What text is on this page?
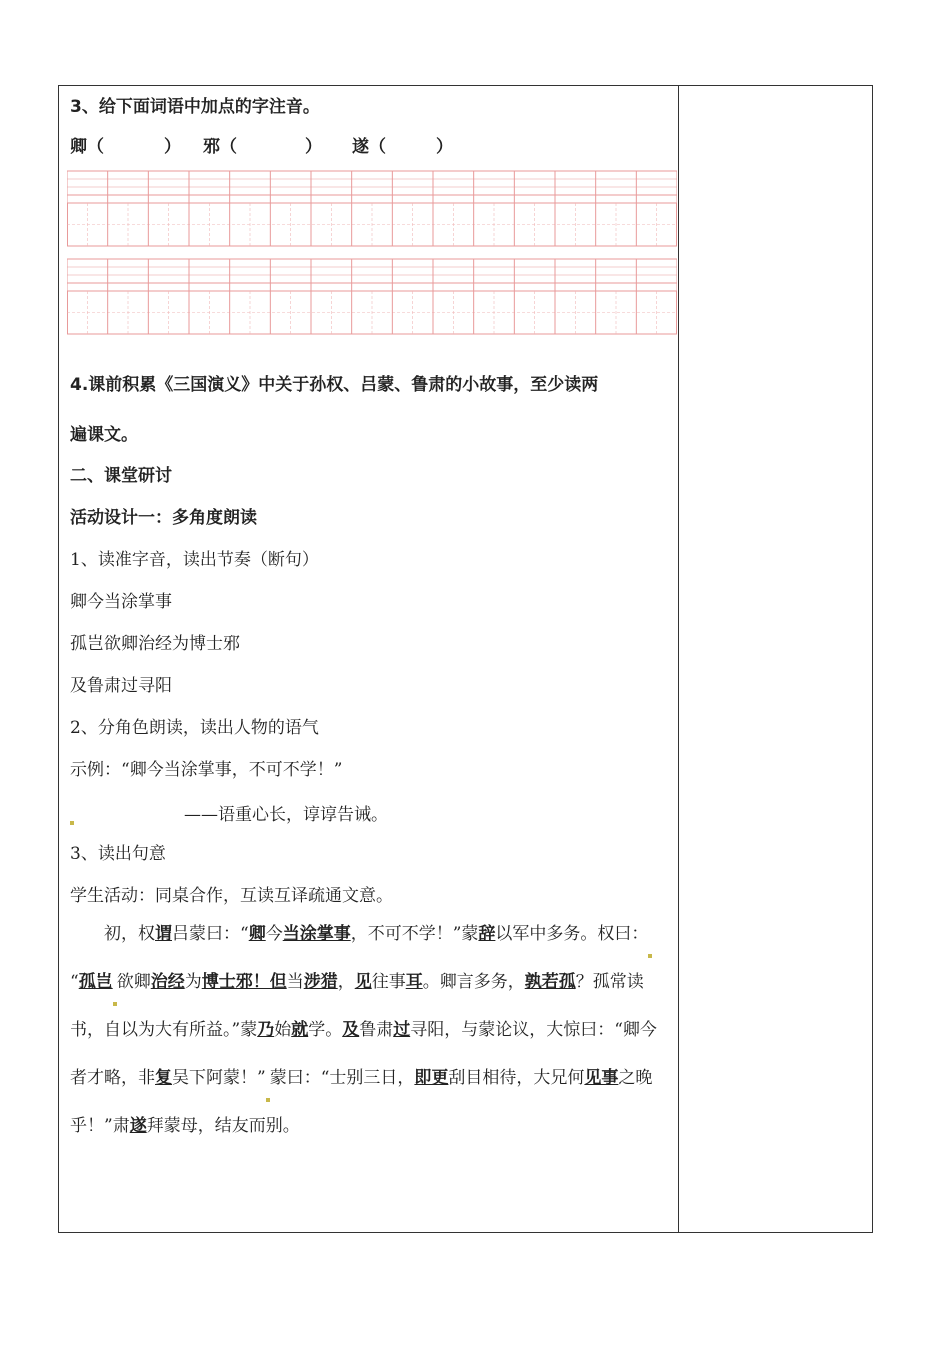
3、给下面词语中加点的字注音。
卿（	） 邪（	） 遂（	）
4.课前积累《三国演义》中关于孙权、吕蒙、鲁肃的小故事，至少读两
遍课文。
二、课堂研讨
活动设计一：多角度朗读
1、读准字音，读出节奏（断句）
卿今当涂掌事
孤岂欲卿治经为博士邪
及鲁肃过寻阳
2、分角色朗读，读出人物的语气
示例：“卿今当涂掌事，不可不学！”
——语重心长，谆谆告诫。
3、读出句意
学生活动：同桌合作，互读互译疏通文意。

初，权谓吕蒙曰：“卿今当涂掌事，不可不学！”蒙辞以军中多务。权曰：“孤岂 欲卿治经为博士邪！但当涉猎，见往事耳。卿言多务，孰若孤？孤常读书，自以为大有所益。”蒙乃始就学。及鲁肃过寻阳，与蒙论议，大惊曰：“卿今者才略，非复吴下阿蒙！” 蒙曰：“士别三日，即更刮目相待，大兄何见事之晚乎！”肃遂拜蒙母，结友而别。
